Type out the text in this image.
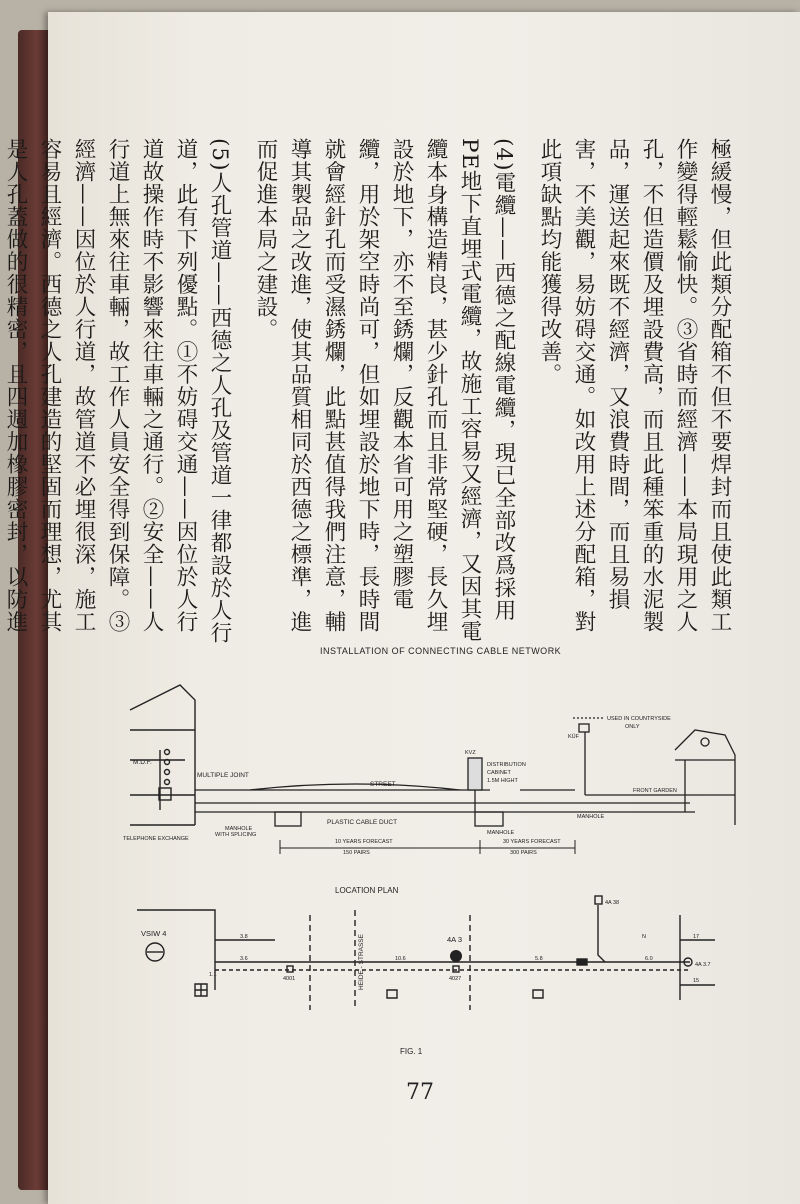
極緩慢，但此類分配箱不但不要焊封而且使此類工作變得輕鬆愉快。③省時而經濟——本局現用之人孔，不但造價及埋設費高，而且此種笨重的水泥製品，運送起來既不經濟，又浪費時間，而且易損害，不美觀，易妨碍交通。如改用上述分配箱，對此項缺點均能獲得改善。

(4)電纜——西德之配線電纜，現已全部改爲採用PE地下直埋式電纜，故施工容易又經濟，又因其電纜本身構造精良，甚少針孔而且非常堅硬，長久埋設於地下，亦不至銹爛，反觀本省可用之塑膠電纜，用於架空時尚可，但如埋設於地下時，長時間就會經針孔而受濕銹爛，此點甚值得我們注意，輔導其製品之改進，使其品質相同於西德之標準，進而促進本局之建設。

(5)人孔管道——西德之人孔及管道一律都設於人行道，此有下列優點。①不妨碍交通——因位於人行道故操作時不影響來往車輛之通行。②安全——人行道上無來往車輛，故工作人員安全得到保障。③經濟——因位於人行道，故管道不必埋很深，施工容易且經濟。西德之人孔建造的堅固而理想，尤其是人孔蓋做的很精密，且四週加橡膠密封，以防進

INSTALLATION OF CONNECTING CABLE NETWORK
M.D.F.
MULTIPLE JOINT
STREET
PLASTIC CABLE DUCT
KVZ
DISTRIBUTION
CABINET
1.5M HIGHT
KÜF
USED IN COUNTRYSIDE
ONLY
FRONT GARDEN
TELEPHONE EXCHANGE
MANHOLE
WITH SPLICING	MANHOLE
MANHOLE
10 YEARS FORECAST
150 PAIRS
30 YEARS FORECAST
300 PAIRS
LOCATION PLAN
VSIW 4
HEIDE - STRASSE	4A 3
4A 38
4A 3.7
4001	4027
3.8
3.6	10.6	5.8	6.0
17
15
1.1
N
FIG. 1
77
